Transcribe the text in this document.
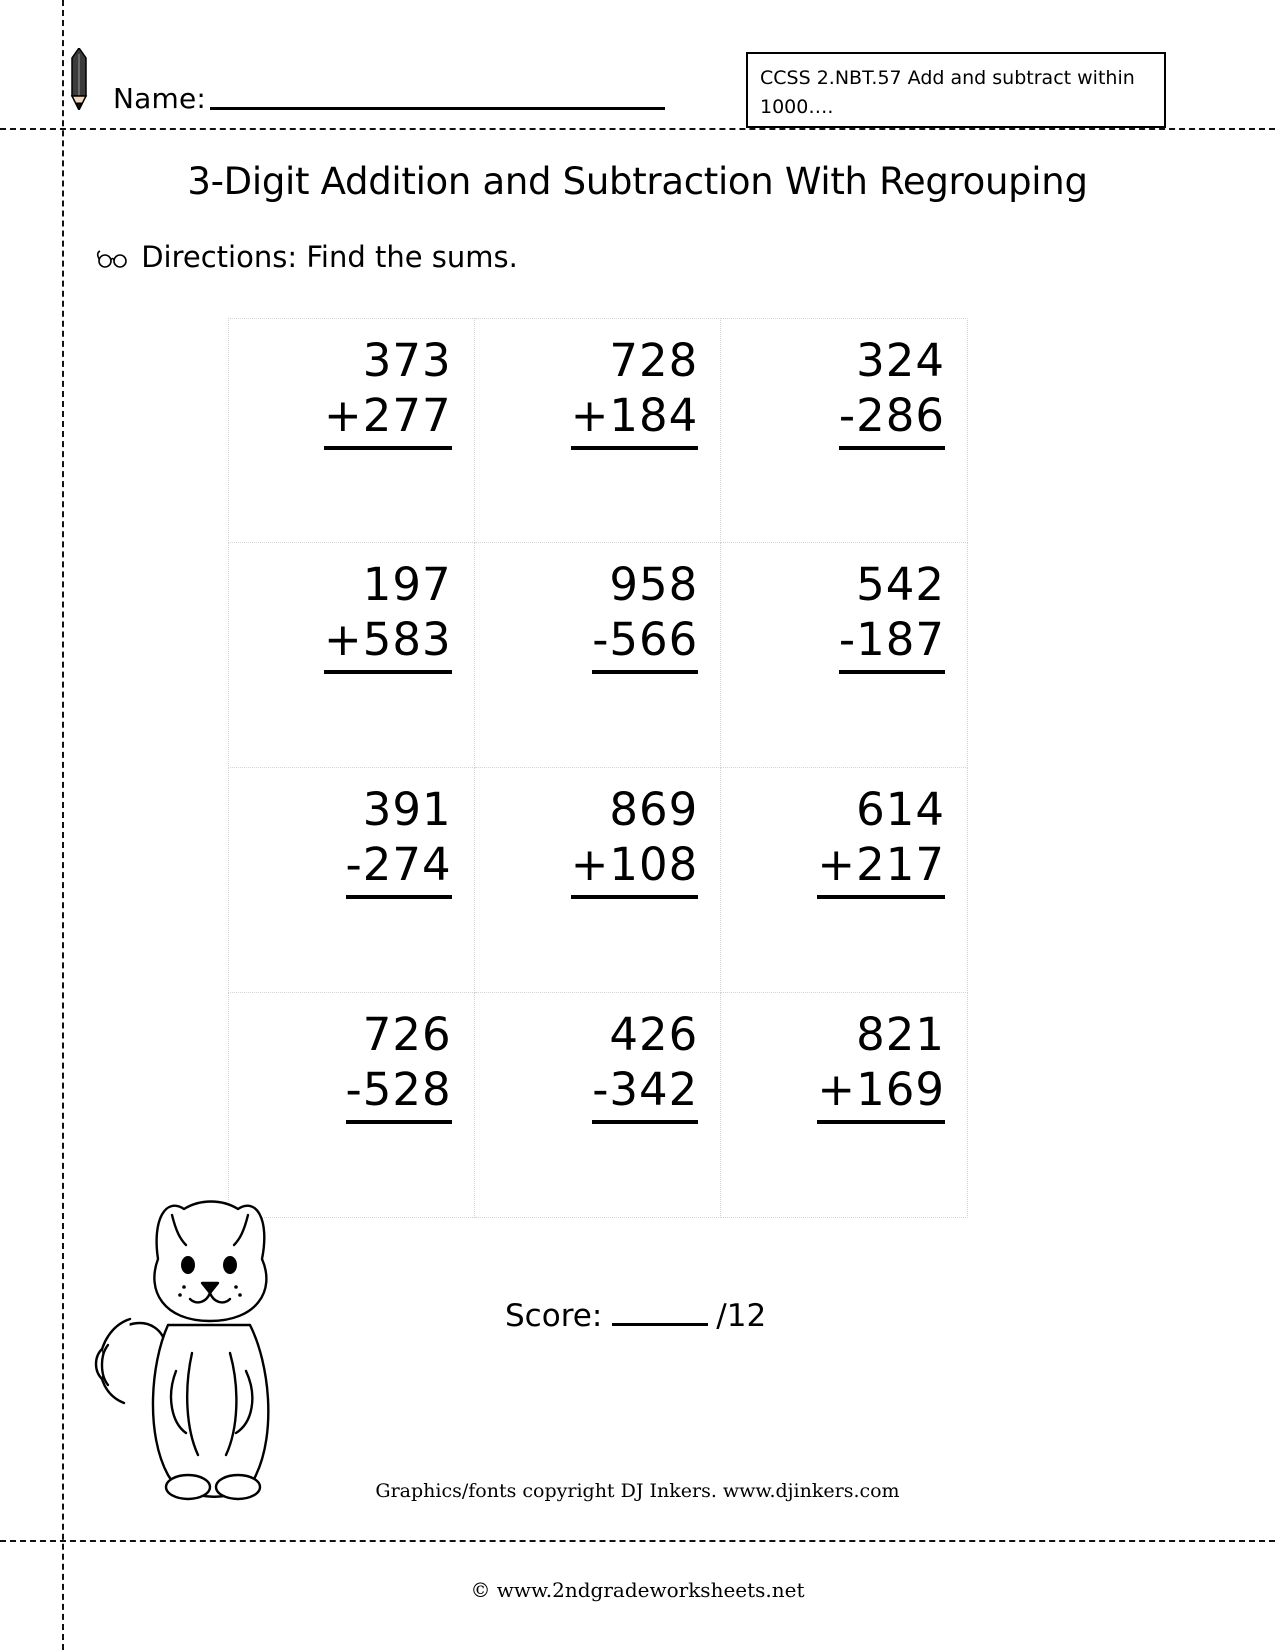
Name:
CCSS 2.NBT.57 Add and subtract within 1000….
3-Digit Addition and Subtraction With Regrouping
Directions: Find the sums.
373
+277
728
+184
324
-286
197
+583
958
-566
542
-187
391
-274
869
+108
614
+217
726
-528
426
-342
821
+169
Score:	/12
Graphics/fonts copyright DJ Inkers. www.djinkers.com
© www.2ndgradeworksheets.net
